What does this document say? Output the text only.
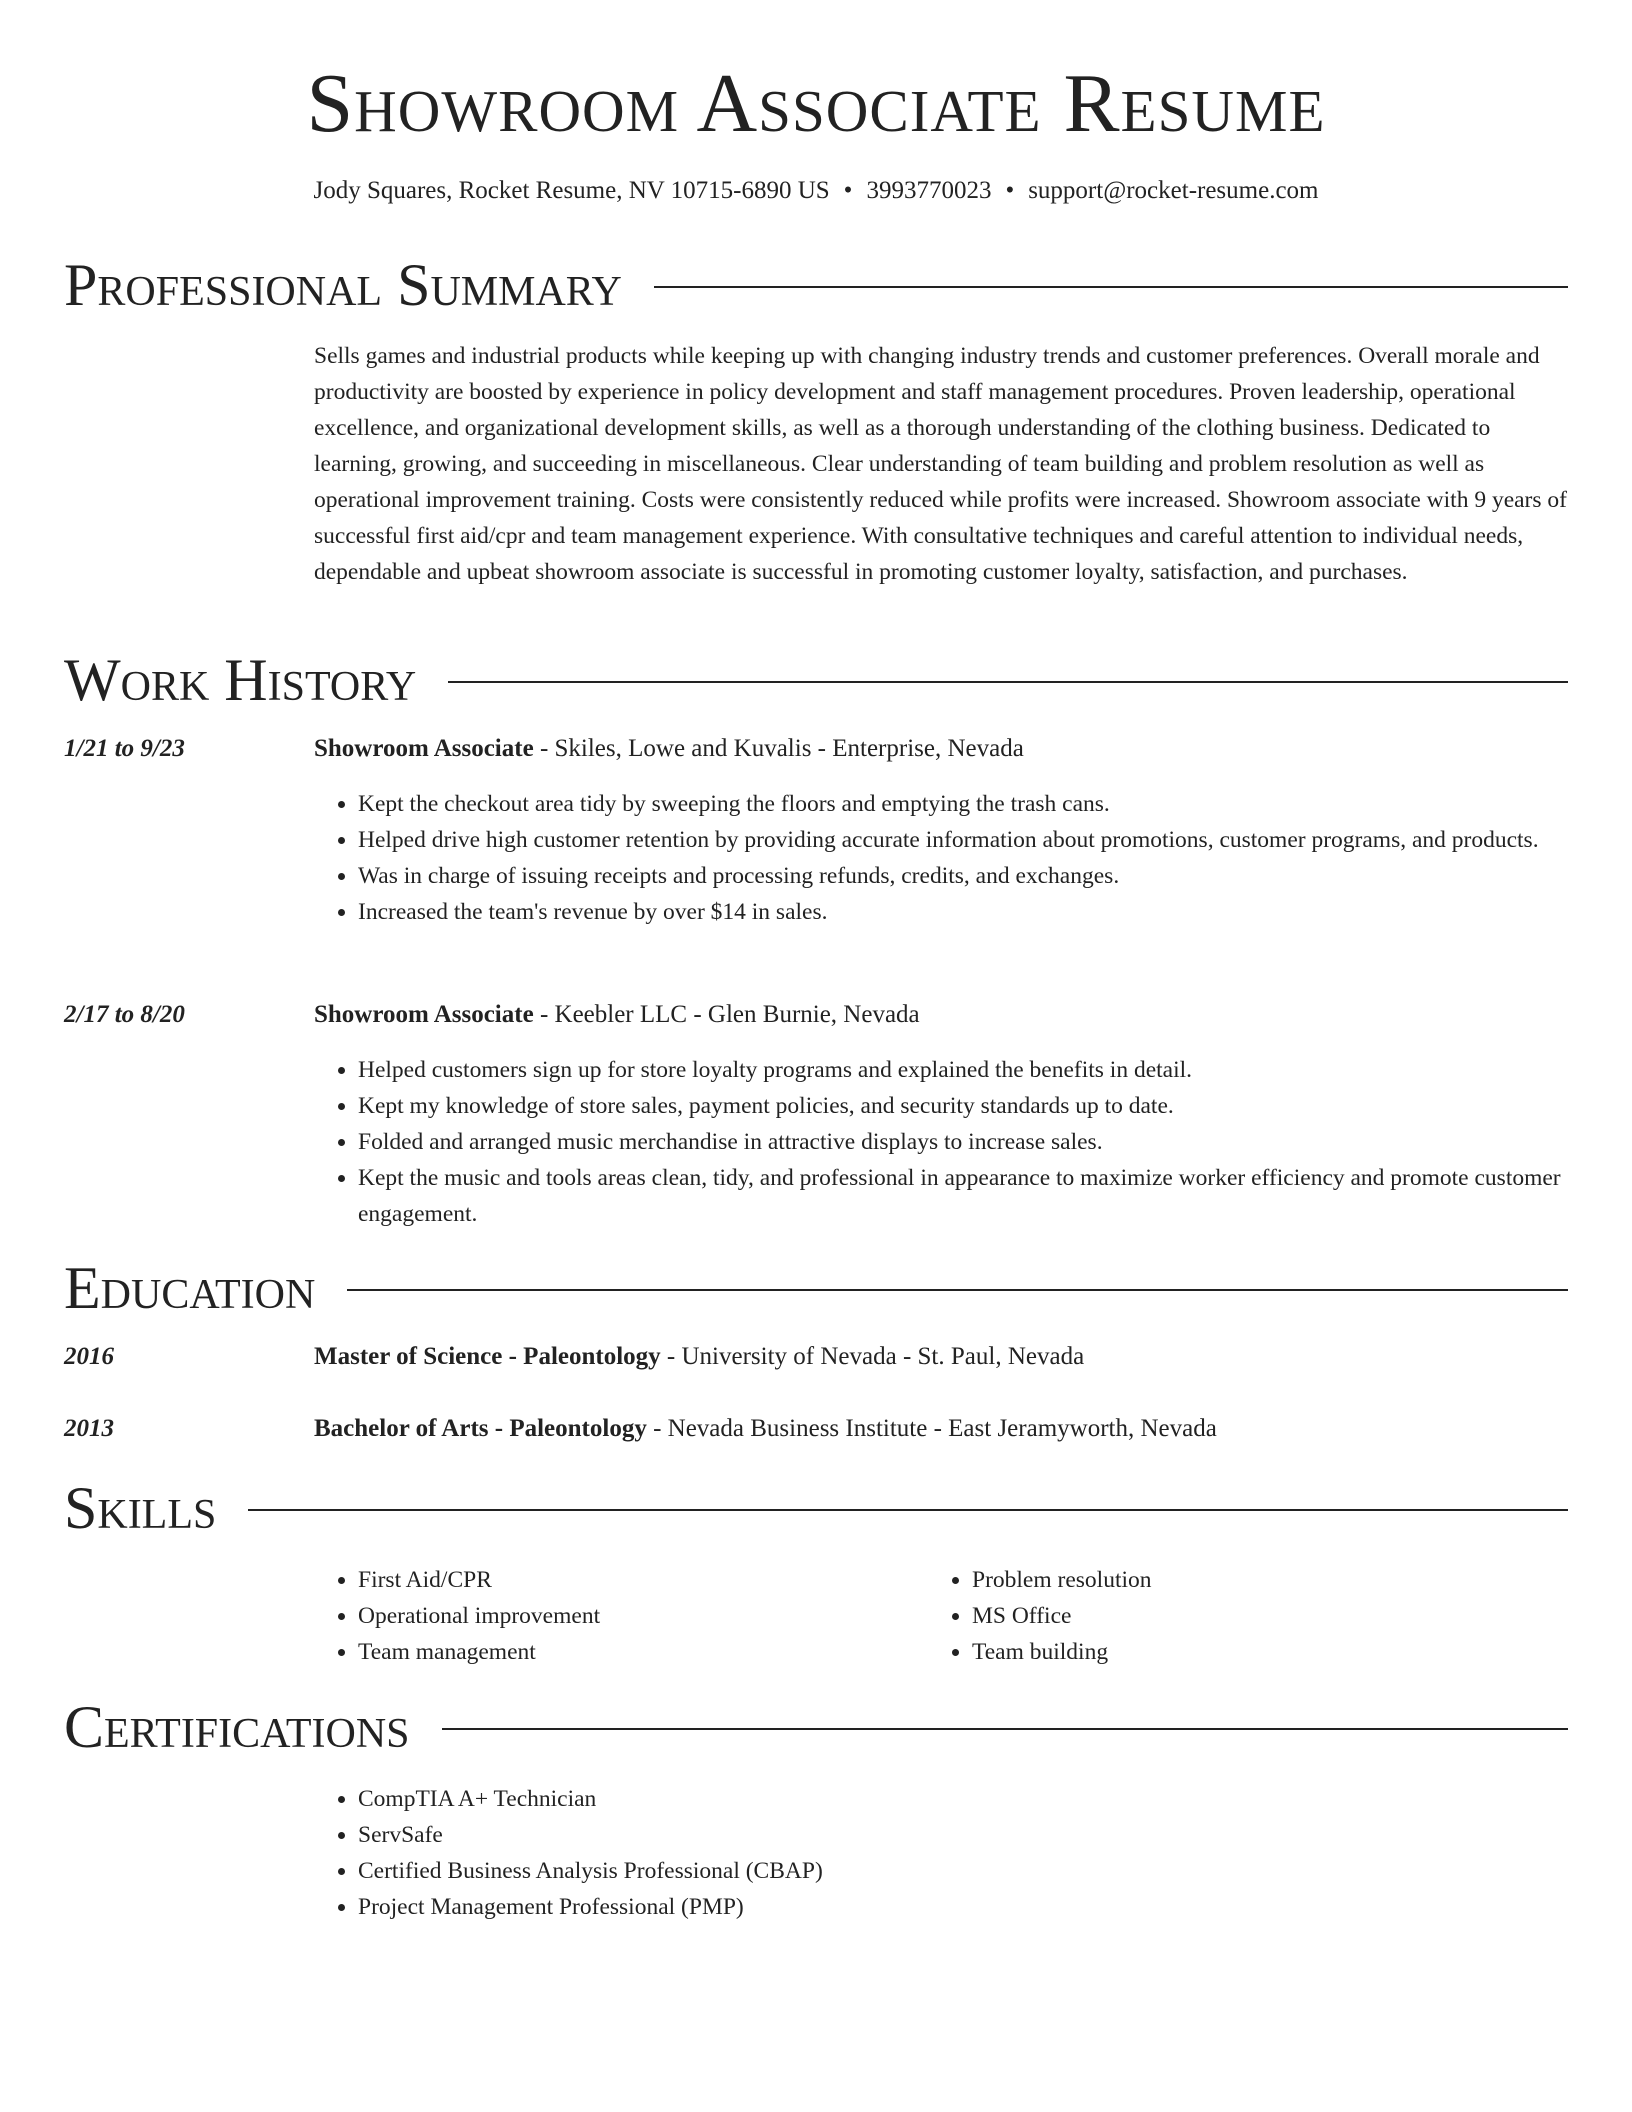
Showroom Associate Resume
Jody Squares, Rocket Resume, NV 10715-6890 US • 3993770023 • support@rocket-resume.com
Professional Summary
Sells games and industrial products while keeping up with changing industry trends and customer preferences. Overall morale and productivity are boosted by experience in policy development and staff management procedures. Proven leadership, operational excellence, and organizational development skills, as well as a thorough understanding of the clothing business. Dedicated to learning, growing, and succeeding in miscellaneous. Clear understanding of team building and problem resolution as well as operational improvement training. Costs were consistently reduced while profits were increased. Showroom associate with 9 years of successful first aid/cpr and team management experience. With consultative techniques and careful attention to individual needs, dependable and upbeat showroom associate is successful in promoting customer loyalty, satisfaction, and purchases.
Work History
1/21 to 9/23	Showroom Associate - Skiles, Lowe and Kuvalis - Enterprise, Nevada
• Kept the checkout area tidy by sweeping the floors and emptying the trash cans.
• Helped drive high customer retention by providing accurate information about promotions, customer programs, and products.
• Was in charge of issuing receipts and processing refunds, credits, and exchanges.
• Increased the team's revenue by over $14 in sales.
2/17 to 8/20	Showroom Associate - Keebler LLC - Glen Burnie, Nevada
• Helped customers sign up for store loyalty programs and explained the benefits in detail.
• Kept my knowledge of store sales, payment policies, and security standards up to date.
• Folded and arranged music merchandise in attractive displays to increase sales.
• Kept the music and tools areas clean, tidy, and professional in appearance to maximize worker efficiency and promote customer engagement.
Education
2016	Master of Science - Paleontology - University of Nevada - St. Paul, Nevada
2013	Bachelor of Arts - Paleontology - Nevada Business Institute - East Jeramyworth, Nevada
Skills
• First Aid/CPR
• Operational improvement
• Team management
• Problem resolution
• MS Office
• Team building
Certifications
• CompTIA A+ Technician
• ServSafe
• Certified Business Analysis Professional (CBAP)
• Project Management Professional (PMP)
